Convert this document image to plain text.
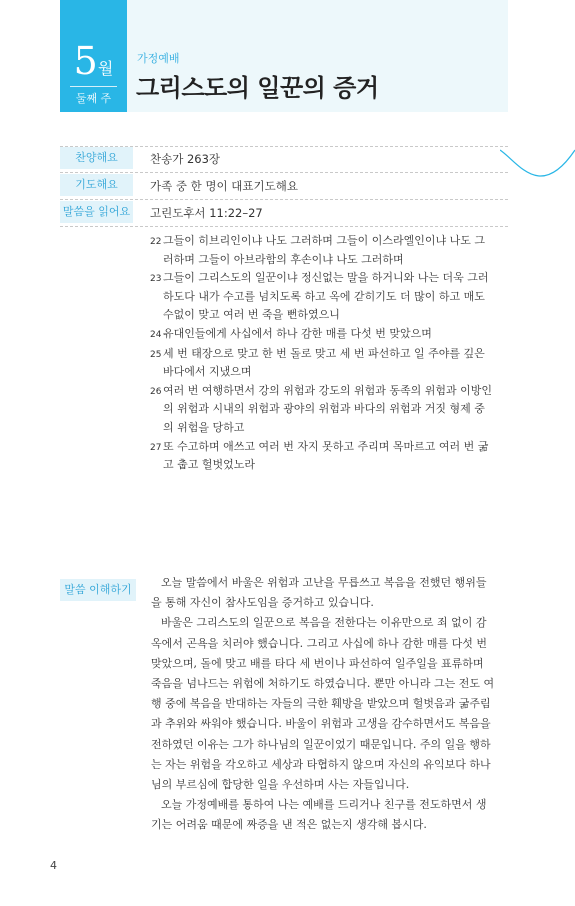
5월
둘째 주
가정예배
그리스도의 일꾼의 증거
찬양해요	찬송가 263장
기도해요	가족 중 한 명이 대표기도해요
말씀을 읽어요 고린도후서 11:22–27
22 그들이 히브리인이냐 나도 그러하며 그들이 이스라엘인이냐 나도 그러하며 그들이 아브라함의 후손이냐 나도 그러하며
23 그들이 그리스도의 일꾼이냐 정신없는 말을 하거니와 나는 더욱 그러하도다 내가 수고를 넘치도록 하고 옥에 갇히기도 더 많이 하고 매도 수없이 맞고 여러 번 죽을 뻔하였으니
24 유대인들에게 사십에서 하나 감한 매를 다섯 번 맞았으며
25 세 번 태장으로 맞고 한 번 돌로 맞고 세 번 파선하고 일 주야를 깊은 바다에서 지냈으며
26 여러 번 여행하면서 강의 위험과 강도의 위험과 동족의 위험과 이방인의 위험과 시내의 위험과 광야의 위험과 바다의 위험과 거짓 형제 중의 위험을 당하고
27 또 수고하며 애쓰고 여러 번 자지 못하고 주리며 목마르고 여러 번 굶고 춥고 헐벗었노라
말씀 이해하기

오늘 말씀에서 바울은 위험과 고난을 무릅쓰고 복음을 전했던 행위들을 통해 자신이 참사도임을 증거하고 있습니다.

바울은 그리스도의 일꾼으로 복음을 전한다는 이유만으로 죄 없이 감옥에서 곤욕을 치러야 했습니다. 그리고 사십에 하나 감한 매를 다섯 번 맞았으며, 돌에 맞고 배를 타다 세 번이나 파선하여 일주일을 표류하며 죽음을 넘나드는 위험에 처하기도 하였습니다. 뿐만 아니라 그는 전도 여행 중에 복음을 반대하는 자들의 극한 훼방을 받았으며 헐벗음과 굶주림과 추위와 싸워야 했습니다. 바울이 위험과 고생을 감수하면서도 복음을 전하였던 이유는 그가 하나님의 일꾼이었기 때문입니다. 주의 일을 행하는 자는 위험을 각오하고 세상과 타협하지 않으며 자신의 유익보다 하나님의 부르심에 합당한 일을 우선하며 사는 자들입니다.

오늘 가정예배를 통하여 나는 예배를 드리거나 친구를 전도하면서 생기는 어려움 때문에 짜증을 낸 적은 없는지 생각해 봅시다.

4
